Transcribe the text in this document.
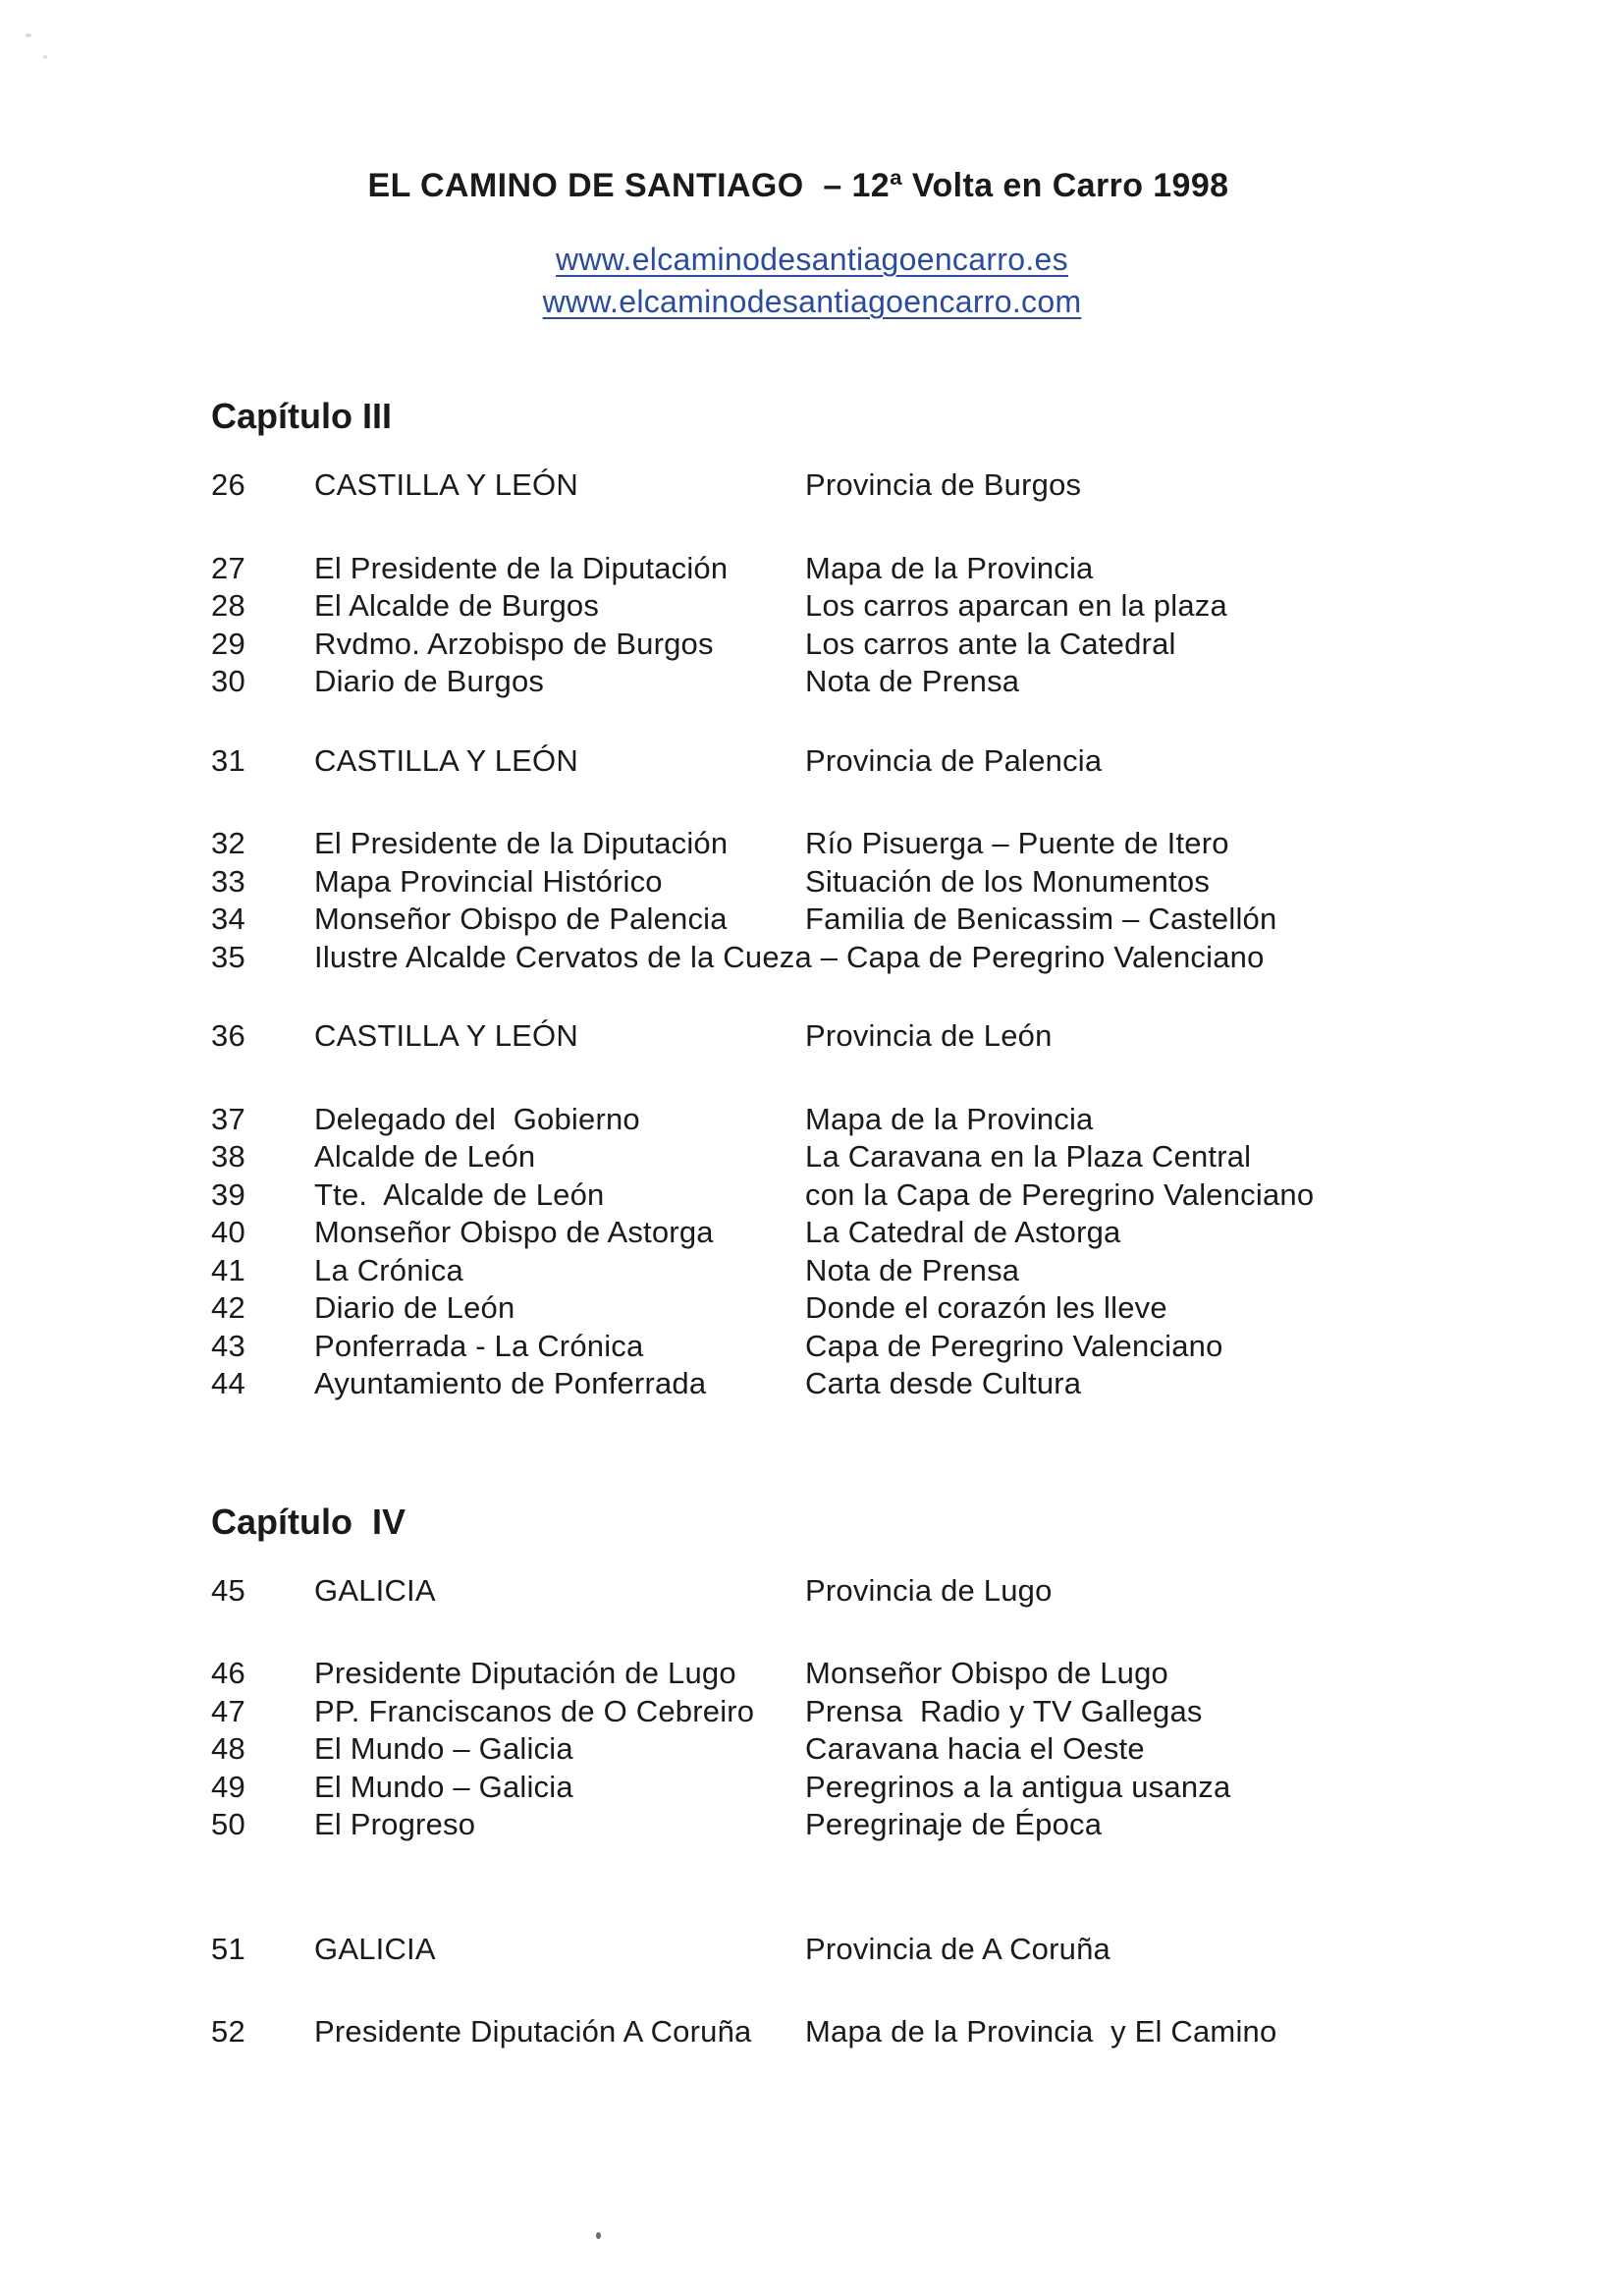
EL CAMINO DE SANTIAGO  – 12ª Volta en Carro 1998
www.elcaminodesantiagoencarro.es
www.elcaminodesantiagoencarro.com
Capítulo III
26	CASTILLA Y LEÓN	Provincia de Burgos
27	El Presidente de la Diputación	Mapa de la Provincia
28	El Alcalde de Burgos	Los carros aparcan en la plaza
29	Rvdmo. Arzobispo de Burgos	Los carros ante la Catedral
30	Diario de Burgos	Nota de Prensa
31	CASTILLA Y LEÓN	Provincia de Palencia
32	El Presidente de la Diputación	Río Pisuerga – Puente de Itero
33	Mapa Provincial Histórico	Situación de los Monumentos
34	Monseñor Obispo de Palencia	Familia de Benicassim – Castellón
35	Ilustre Alcalde Cervatos de la Cueza – Capa de Peregrino Valenciano
36	CASTILLA Y LEÓN	Provincia de León
37	Delegado del  Gobierno	Mapa de la Provincia
38	Alcalde de León	La Caravana en la Plaza Central
39	Tte.  Alcalde de León	con la Capa de Peregrino Valenciano
40	Monseñor Obispo de Astorga	La Catedral de Astorga
41	La Crónica	Nota de Prensa
42	Diario de León	Donde el corazón les lleve
43	Ponferrada - La Crónica	Capa de Peregrino Valenciano
44	Ayuntamiento de Ponferrada	Carta desde Cultura
Capítulo  IV
45	GALICIA	Provincia de Lugo
46	Presidente Diputación de Lugo	Monseñor Obispo de Lugo
47	PP. Franciscanos de O Cebreiro	Prensa  Radio y TV Gallegas
48	El Mundo – Galicia	Caravana hacia el Oeste
49	El Mundo – Galicia	Peregrinos a la antigua usanza
50	El Progreso	Peregrinaje de Época
51	GALICIA	Provincia de A Coruña
52	Presidente Diputación A Coruña	Mapa de la Provincia  y El Camino
